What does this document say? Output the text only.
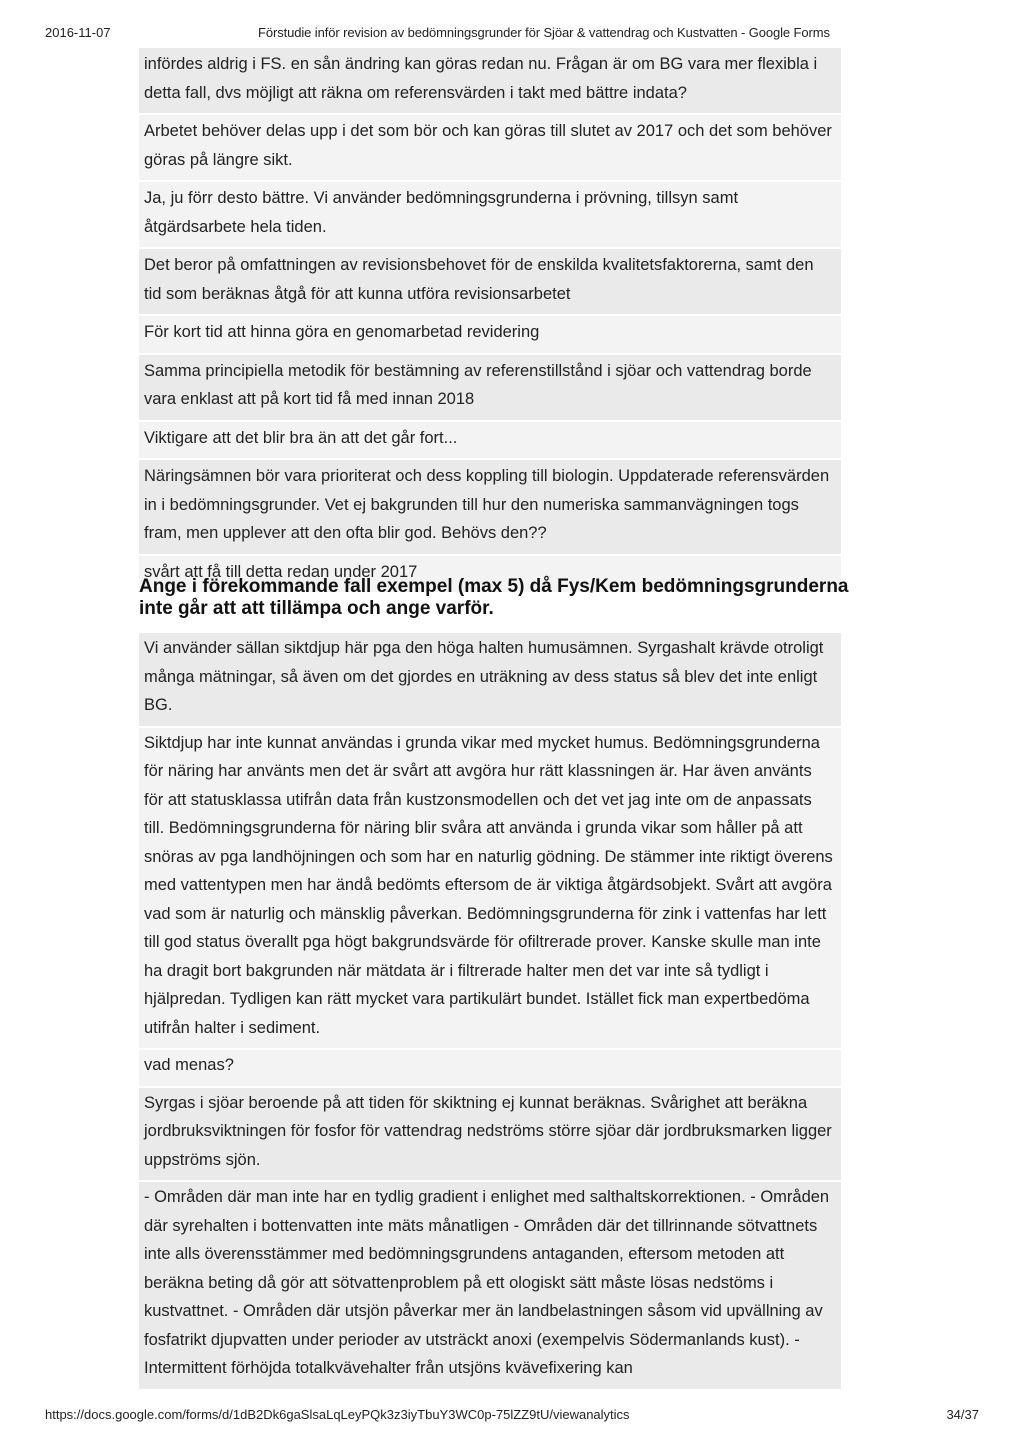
2016-11-07	Förstudie inför revision av bedömningsgrunder för Sjöar & vattendrag och Kustvatten - Google Forms
infördes aldrig i FS. en sån ändring kan göras redan nu. Frågan är om BG vara mer flexibla i detta fall, dvs möjligt att räkna om referensvärden i takt med bättre indata?
Arbetet behöver delas upp i det som bör och kan göras till slutet av 2017 och det som behöver göras på längre sikt.
Ja, ju förr desto bättre. Vi använder bedömningsgrunderna i prövning, tillsyn samt åtgärdsarbete hela tiden.
Det beror på omfattningen av revisionsbehovet för de enskilda kvalitetsfaktorerna, samt den tid som beräknas åtgå för att kunna utföra revisionsarbetet
För kort tid att hinna göra en genomarbetad revidering
Samma principiella metodik för bestämning av referenstillstånd i sjöar och vattendrag borde vara enklast att på kort tid få med innan 2018
Viktigare att det blir bra än att det går fort...
Näringsämnen bör vara prioriterat och dess koppling till biologin. Uppdaterade referensvärden in i bedömningsgrunder. Vet ej bakgrunden till hur den numeriska sammanvägningen togs fram, men upplever att den ofta blir god. Behövs den??
svårt att få till detta redan under 2017
Ange i förekommande fall exempel (max 5) då Fys/Kem bedömningsgrunderna inte går att att tillämpa och ange varför.
Vi använder sällan siktdjup här pga den höga halten humusämnen. Syrgashalt krävde otroligt många mätningar, så även om det gjordes en uträkning av dess status så blev det inte enligt BG.
Siktdjup har inte kunnat användas i grunda vikar med mycket humus. Bedömningsgrunderna för näring har använts men det är svårt att avgöra hur rätt klassningen är. Har även använts för att statusklassa utifrån data från kustzonsmodellen och det vet jag inte om de anpassats till. Bedömningsgrunderna för näring blir svåra att använda i grunda vikar som håller på att snöras av pga landhöjningen och som har en naturlig gödning. De stämmer inte riktigt överens med vattentypen men har ändå bedömts eftersom de är viktiga åtgärdsobjekt. Svårt att avgöra vad som är naturlig och mänsklig påverkan. Bedömningsgrunderna för zink i vattenfas har lett till god status överallt pga högt bakgrundsvärde för ofiltrerade prover. Kanske skulle man inte ha dragit bort bakgrunden när mätdata är i filtrerade halter men det var inte så tydligt i hjälpredan. Tydligen kan rätt mycket vara partikulärt bundet. Istället fick man expertbedöma utifrån halter i sediment.
vad menas?
Syrgas i sjöar beroende på att tiden för skiktning ej kunnat beräknas. Svårighet att beräkna jordbruksviktningen för fosfor för vattendrag nedströms större sjöar där jordbruksmarken ligger uppströms sjön.
- Områden där man inte har en tydlig gradient i enlighet med salthaltskorrektionen. - Områden där syrehalten i bottenvatten inte mäts månatligen - Områden där det tillrinnande sötvattnets inte alls överensstämmer med bedömningsgrundens antaganden, eftersom metoden att beräkna beting då gör att sötvattenproblem på ett ologiskt sätt måste lösas nedstöms i kustvattnet. - Områden där utsjön påverkar mer än landbelastningen såsom vid upvällning av fosfatrikt djupvatten under perioder av utsträckt anoxi (exempelvis Södermanlands kust). - Intermittent förhöjda totalkvävehalter från utsjöns kvävefixering kan
https://docs.google.com/forms/d/1dB2Dk6gaSlsaLqLeyPQk3z3iyTbuY3WC0p-75lZZ9tU/viewanalytics	34/37
